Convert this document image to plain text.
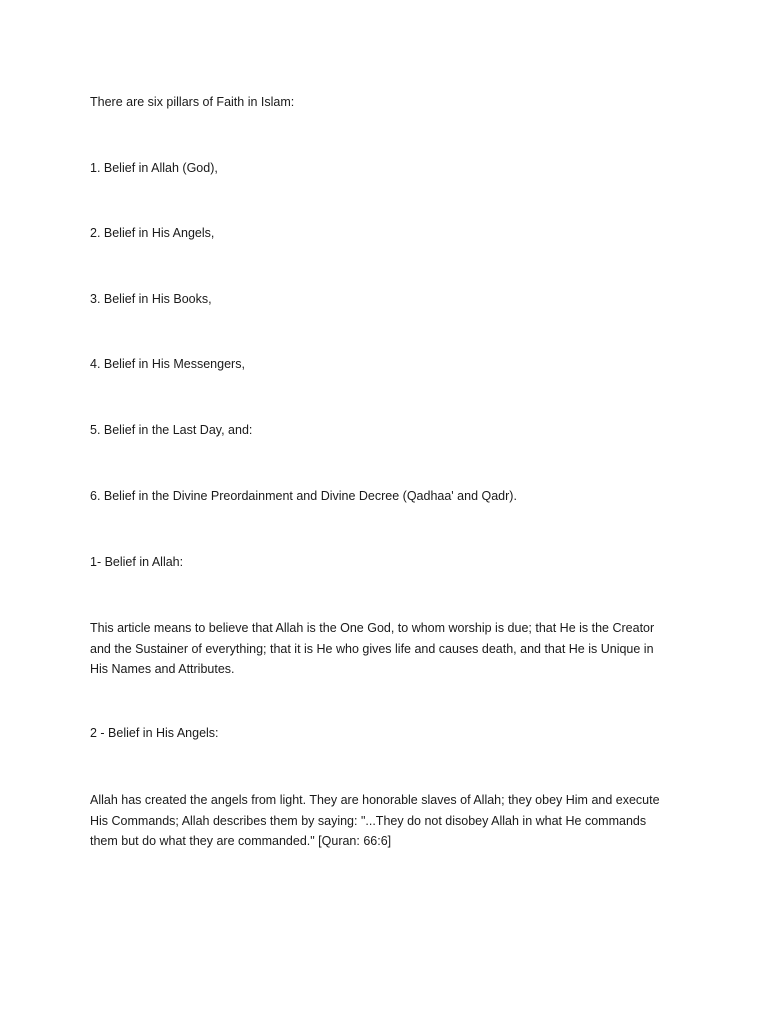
There are six pillars of Faith in Islam:
1. Belief in Allah (God),
2. Belief in His Angels,
3. Belief in His Books,
4. Belief in His Messengers,
5. Belief in the Last Day, and:
6. Belief in the Divine Preordainment and Divine Decree (Qadhaa' and Qadr).
1- Belief in Allah:
This article means to believe that Allah is the One God, to whom worship is due; that He is the Creator
and the Sustainer of everything; that it is He who gives life and causes death, and that He is Unique in
His Names and Attributes.
2 - Belief in His Angels:
Allah has created the angels from light. They are honorable slaves of Allah; they obey Him and execute
His Commands; Allah describes them by saying: "...They do not disobey Allah in what He commands
them but do what they are commanded." [Quran: 66:6]
